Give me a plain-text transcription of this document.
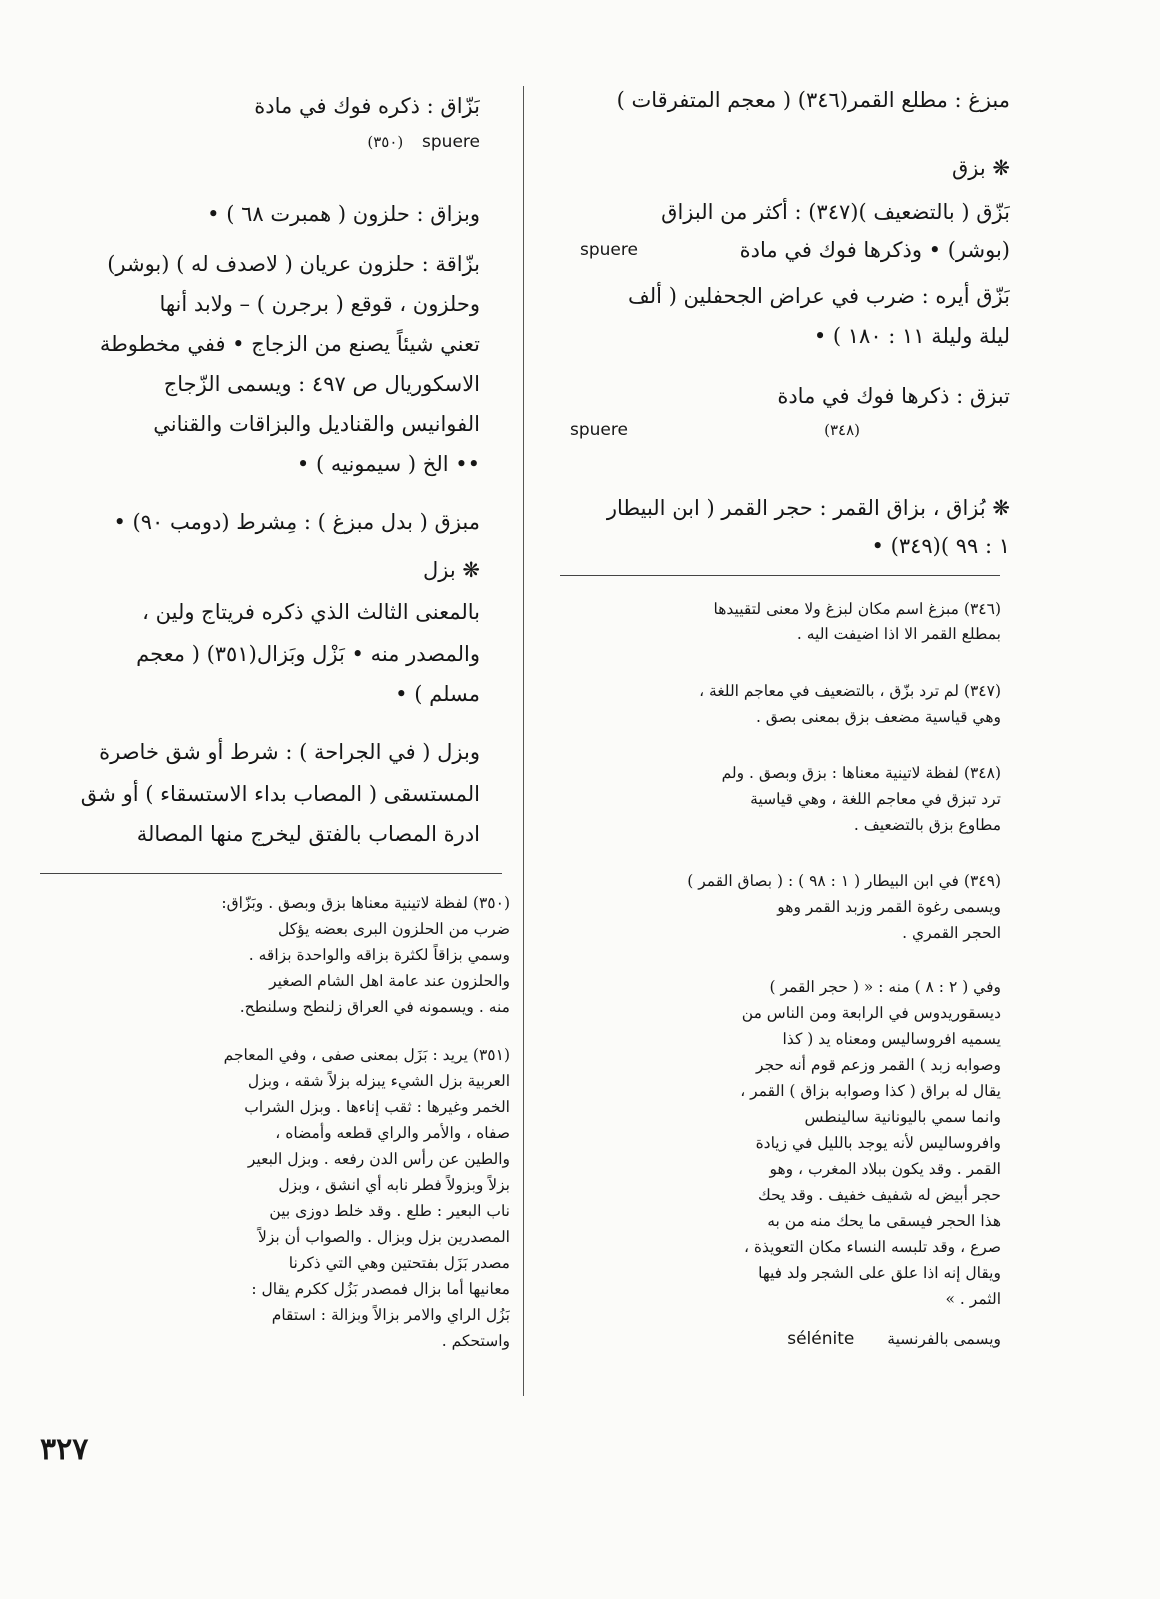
مبزغ : مطلع القمر(٣٤٦) ( معجم المتفرقات )
❋ بزق
بَزّق ( بالتضعيف )(٣٤٧) : أكثر من البزاق
(بوشر) • وذكرها فوك في مادة
spuere
بَزّق أيره : ضرب في عراض الجحفلين ( ألف
ليلة وليلة ١١ : ١٨٠ ) •
تبزق : ذكرها فوك في مادة
(٣٤٨)
spuere
❋ بُزاق ، بزاق القمر : حجر القمر ( ابن البيطار
١ : ٩٩ )(٣٤٩) •
(٣٤٦) مبزغ اسم مكان لبزغ ولا معنى لتقييدها
بمطلع القمر الا اذا اضيفت اليه .
(٣٤٧) لم ترد بزّق ، بالتضعيف في معاجم اللغة ،
وهي قياسية مضعف بزق بمعنى بصق .
(٣٤٨) لفظة لاتينية معناها : بزق وبصق . ولم
ترد تبزق في معاجم اللغة ، وهي قياسية
مطاوع بزق بالتضعيف .
(٣٤٩) في ابن البيطار ( ١ : ٩٨ ) : ( بصاق القمر )
ويسمى رغوة القمر وزبد القمر وهو
الحجر القمري .
وفي ( ٢ : ٨ ) منه : « ( حجر القمر )
ديسقوريدوس في الرابعة ومن الناس من
يسميه افروساليس ومعناه يد ( كذا
وصوابه زبد ) القمر وزعم قوم أنه حجر
يقال له براق ( كذا وصوابه بزاق ) القمر ،
وانما سمي باليونانية سالينطس
وافروساليس لأنه يوجد بالليل في زيادة
القمر . وقد يكون ببلاد المغرب ، وهو
حجر أبيض له شفيف خفيف . وقد يحك
هذا الحجر فيسقى ما يحك منه من به
صرع ، وقد تلبسه النساء مكان التعويذة ،
ويقال إنه اذا علق على الشجر ولد فيها
الثمر . »
ويسمى بالفرنسية sélénite
بَزّاق : ذكره فوك في مادة
spuere (٣٥٠)
وبزاق : حلزون ( همبرت ٦٨ ) •
بزّاقة : حلزون عريان ( لاصدف له ) (بوشر)
وحلزون ، قوقع ( برجرن ) – ولابد أنها
تعني شيئاً يصنع من الزجاج • ففي مخطوطة
الاسكوريال ص ٤٩٧ : ويسمى الزّجاج
الفوانيس والقناديل والبزاقات والقناني
•• الخ ( سيمونيه ) •
مبزق ( بدل مبزغ ) : مِشرط (دومب ٩٠) •
❋ بزل
بالمعنى الثالث الذي ذكره فريتاج ولين ،
والمصدر منه • بَزْل وبَزال(٣٥١) ( معجم
مسلم ) •
وبزل ( في الجراحة ) : شرط أو شق خاصرة
المستسقى ( المصاب بداء الاستسقاء ) أو شق
ادرة المصاب بالفتق ليخرج منها المصالة
(٣٥٠) لفظة لاتينية معناها بزق وبصق . وبَزّاق:
ضرب من الحلزون البرى بعضه يؤكل
وسمي بزاقاً لكثرة بزاقه والواحدة بزاقه .
والحلزون عند عامة اهل الشام الصغير
منه . ويسمونه في العراق زلنطح وسلنطح.
(٣٥١) يريد : بَزَل بمعنى صفى ، وفي المعاجم
العربية بزل الشيء يبزله بزلاً شقه ، وبزل
الخمر وغيرها : ثقب إناءها . وبزل الشراب
صفاه ، والأمر والراي قطعه وأمضاه ،
والطين عن رأس الدن رفعه . وبزل البعير
بزلاً وبزولاً فطر نابه أي انشق ، وبزل
ناب البعير : طلع . وقد خلط دوزى بين
المصدرين بزل وبزال . والصواب أن بزلاً
مصدر بَزَل بفتحتين وهي التي ذكرنا
معانيها أما بزال فمصدر بَزُل ككرم يقال :
بَزُل الراي والامر بزالاً وبزالة : استقام
واستحكم .
٣٢٧
